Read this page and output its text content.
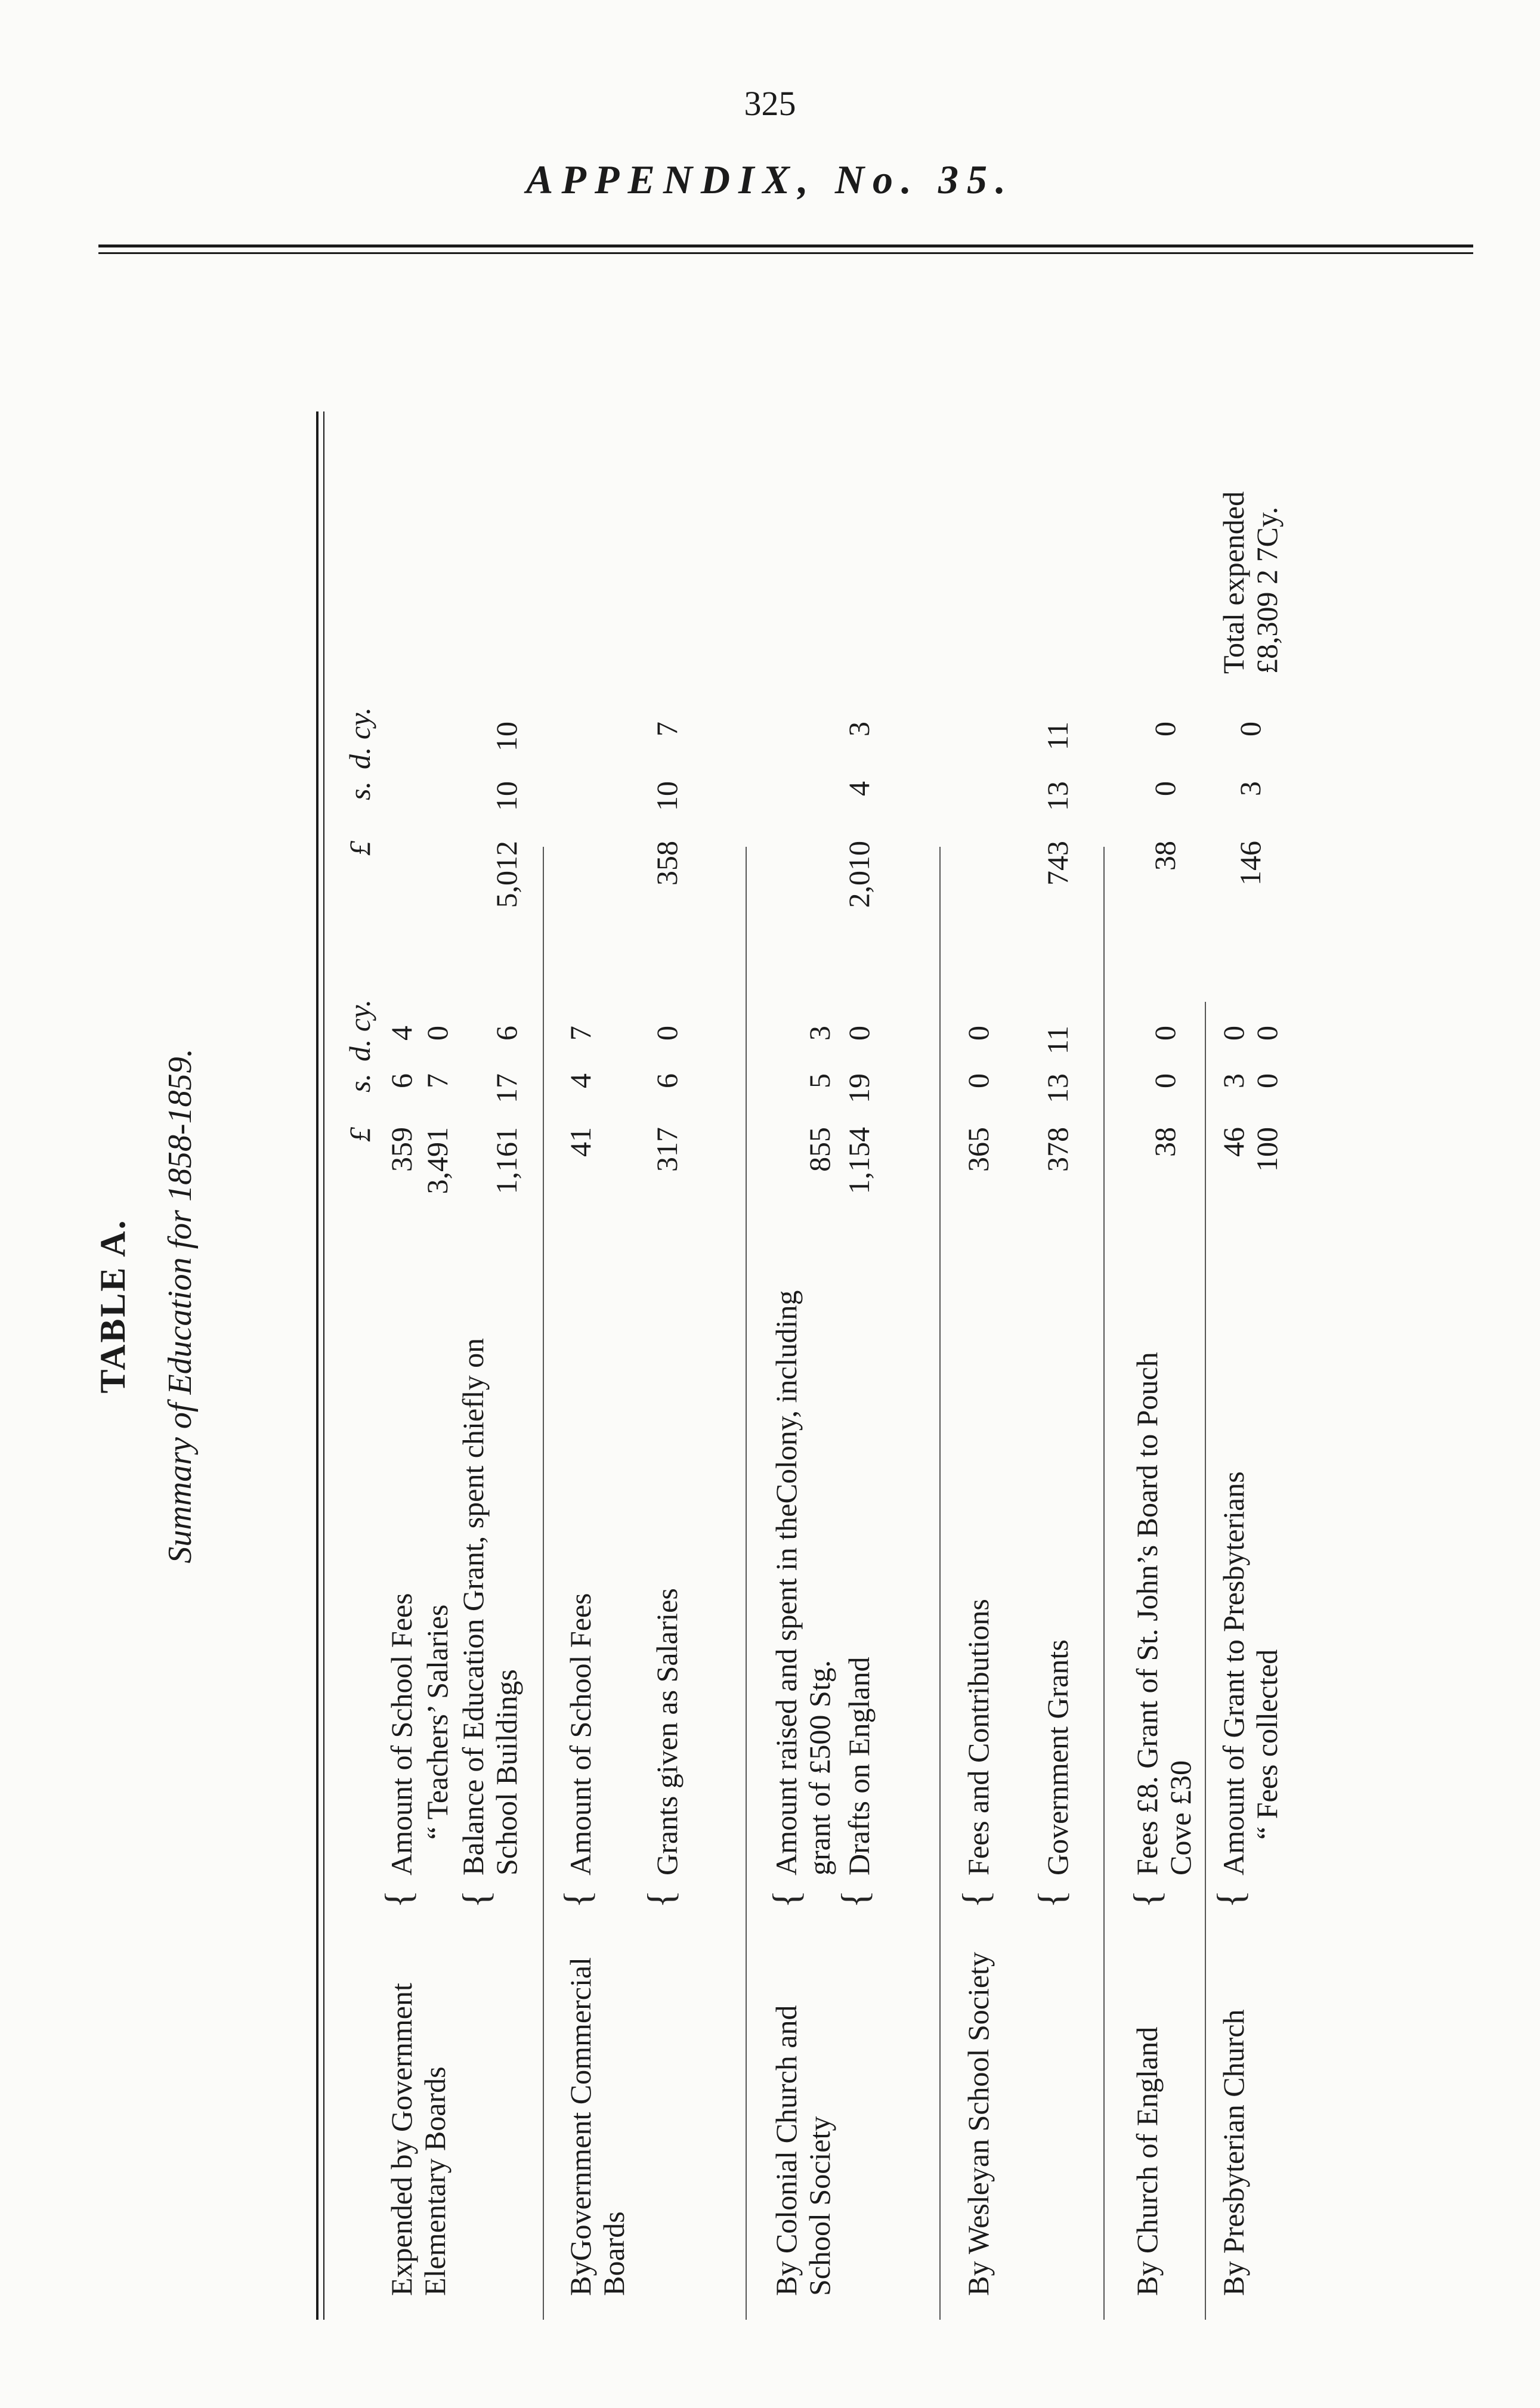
325
APPENDIX, No. 35.
TABLE A. Summary of Education for 1858-1859.	£
s.
d. cy.
£
s.
d. cy.
Expended by Government Elementary Boards
{
Amount of School Fees
359
6
4
“ Teachers’ Salaries
3,491
7
0
{
Balance of Education Grant, spent chiefly on School Buildings
1,161
17
6
5,012
10
10
ByGovernment Commercial Boards
{
Amount of School Fees
41
4
7
{
Grants given as Salaries
317
6
0
358
10
7
By Colonial Church and School Society
{
Amount raised and spent in theColony, including grant of £500 Stg.
855
5
3
{
Drafts on England
1,154
19
0
2,010
4
3
By Wesleyan School Society
{
Fees and Contributions
365
0
0
{
Government Grants
378
13
11
743
13
11
By Church of England
{
Fees £8. Grant of St. John’s Board to Pouch Cove £30
38
0
0
38
0
0
By Presbyterian Church
{
Amount of Grant to Presbyterians
46
3
0
146
3
0
“ Fees collected
100
0
0
Total expended £8,309 2 7Cy.
